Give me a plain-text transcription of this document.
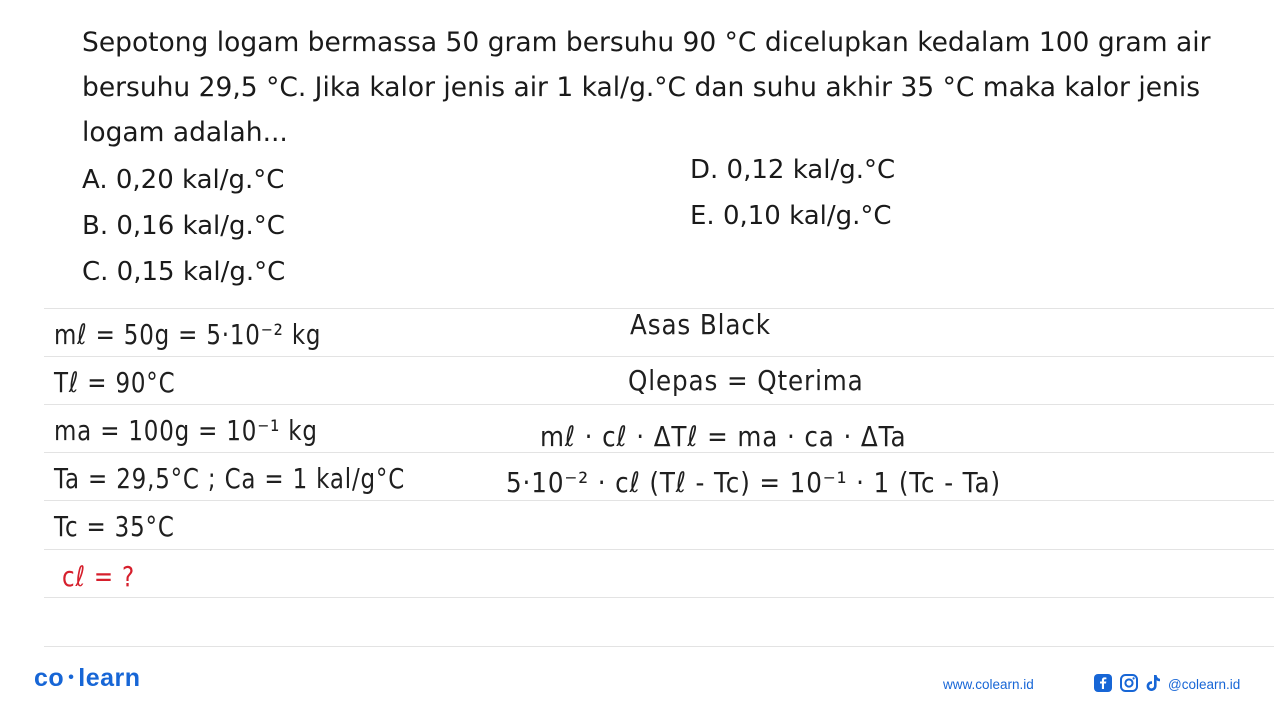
Sepotong logam bermassa 50 gram bersuhu 90 °C dicelupkan kedalam 100 gram air bersuhu 29,5 °C. Jika kalor jenis air 1 kal/g.°C dan suhu akhir 35 °C maka kalor jenis logam adalah...
A. 0,20 kal/g.°C
B. 0,16 kal/g.°C
C. 0,15 kal/g.°C
D. 0,12 kal/g.°C
E. 0,10 kal/g.°C
mℓ = 50g = 5·10⁻² kg
Tℓ = 90°C
ma = 100g = 10⁻¹ kg
Ta = 29,5°C ; Ca = 1 kal/g°C
Tc = 35°C
cℓ = ?
Asas Black
Qlepas = Qterima
mℓ · cℓ · ΔTℓ = ma · ca · ΔTa
5·10⁻² · cℓ (Tℓ - Tc) = 10⁻¹ · 1 (Tc - Ta)
co • learn	www.colearn.id	@colearn.id
